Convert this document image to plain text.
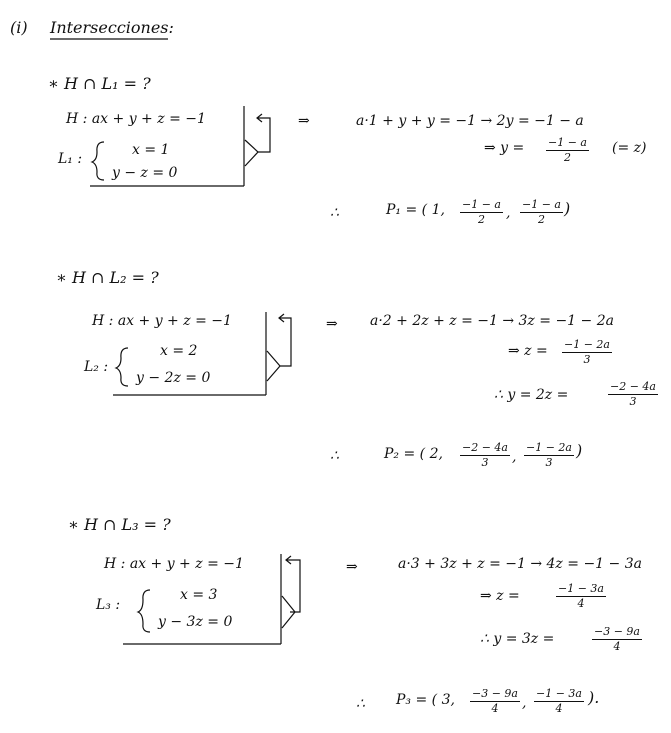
(i) Intersecciones:
∗ H ∩ L₁ = ?
H : ax + y + z = −1
L₁ :
x = 1
y − z = 0
⇒	a·1 + y + y = −1 → 2y = −1 − a
⇒ $y = \frac{-1 - a}{2}$ (= z)
∴	P₁ = ( 1, $\frac{-1 - a}{2}$ , $\frac{-1 - a}{2}$ )
∗ H ∩ L₂ = ?
H : ax + y + z = −1
L₂ :
x = 2
y − 2z = 0
⇒ a·2 + 2z + z = −1 → 3z = −1 − 2a
⇒ $z = \frac{-1 - 2a}{3}$
∴ y = 2z =	$\frac{-2 - 4a}{3}$
∴	P₂ = ( 2, $\frac{-2 - 4a}{3}$ , $\frac{-1 - 2a}{3}$ )
∗ H ∩ L₃ = ?
H : ax + y + z = −1
L₃ :
x = 3
y − 3z = 0
⇒	a·3 + 3z + z = −1 → 4z = −1 − 3a
⇒ z =	$\frac{-1 - 3a}{4}$
∴ y = 3z =	$\frac{-3 - 9a}{4}$
∴ P₃ = ( 3, $\frac{-3 - 9a}{4}$ , $\frac{-1 - 3a}{4}$ ).
